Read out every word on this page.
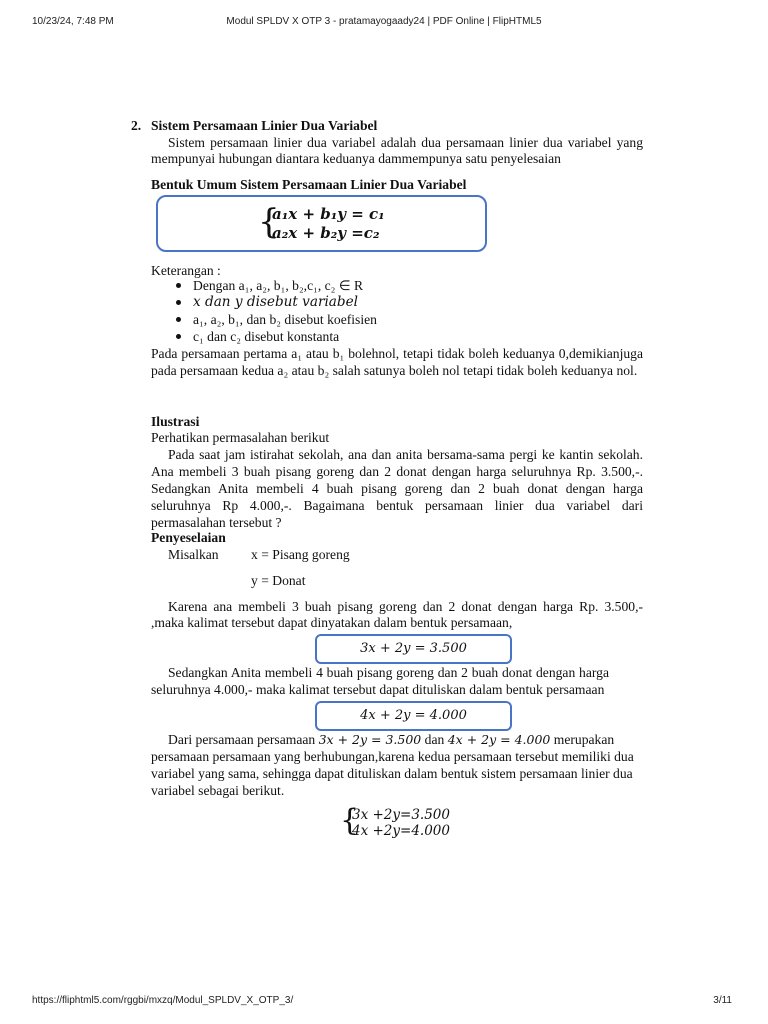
10/23/24, 7:48 PM	Modul SPLDV X OTP 3 - pratamayogaady24 | PDF Online | FlipHTML5
2. Sistem Persamaan Linier Dua Variabel
Sistem persamaan linier dua variabel adalah dua persamaan linier dua variabel yang
mempunyai hubungan diantara keduanya dammempunya satu penyelesaian
Bentuk Umum Sistem Persamaan Linier Dua Variabel
{
a₁x + b₁y = c₁
a₂x + b₂y =c₂
Keterangan :
Dengan a₁, a₂, b₁, b₂,c₁, c₂ ∈ R
x dan y disebut variabel
a₁, a₂, b₁, dan b₂ disebut koefisien
c₁ dan c₂ disebut konstanta
Pada persamaan pertama a₁ atau b₁ bolehnol, tetapi tidak boleh keduanya 0,demikianjuga
pada persamaan kedua a₂ atau b₂ salah satunya boleh nol tetapi tidak boleh keduanya nol.
Ilustrasi
Perhatikan permasalahan berikut
Pada saat jam istirahat sekolah, ana dan anita bersama-sama pergi ke kantin sekolah.
Ana membeli 3 buah pisang goreng dan 2 donat dengan harga seluruhnya Rp. 3.500,-.
Sedangkan Anita membeli 4 buah pisang goreng dan 2 buah donat dengan harga
seluruhnya Rp 4.000,-. Bagaimana bentuk persamaan linier dua variabel dari
permasalahan tersebut ?
Penyeselaian
Misalkan x = Pisang goreng
y = Donat
Karena ana membeli 3 buah pisang goreng dan 2 donat dengan harga Rp. 3.500,-
,maka kalimat tersebut dapat dinyatakan dalam bentuk persamaan,
3x + 2y = 3.500
Sedangkan Anita membeli 4 buah pisang goreng dan 2 buah donat dengan harga
seluruhnya 4.000,- maka kalimat tersebut dapat dituliskan dalam bentuk persamaan
4x + 2y = 4.000
Dari persamaan persamaan 3x + 2y = 3.500 dan 4x + 2y = 4.000 merupakan
persamaan persamaan yang berhubungan,karena kedua persamaan tersebut memiliki dua
variabel yang sama, sehingga dapat dituliskan dalam bentuk sistem persamaan linier dua
variabel sebagai berikut.
{
3x +2y=3.500
4x +2y=4.000
https://fliphtml5.com/rggbi/mxzq/Modul_SPLDV_X_OTP_3/	3/11
